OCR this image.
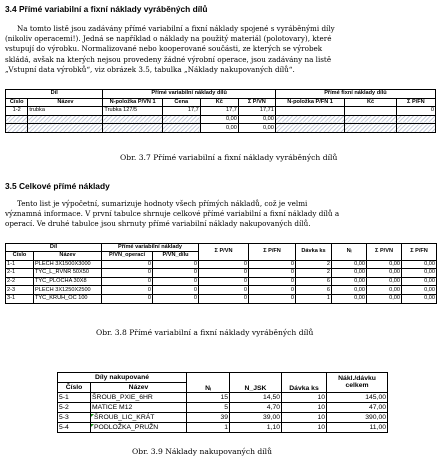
3.4 Přímé variabilní a fixní náklady vyráběných dílů
Na tomto listě jsou zadávány přímé variabilní a fixní náklady spojené s vyráběnými díly
(nikoliv operacemi!). Jedná se například o náklady na použitý materiál (polotovary), které
vstupují do výrobku. Normalizované nebo kooperované součásti, ze kterých se výrobek
skládá, avšak na kterých nejsou provedeny žádné výrobní operace, jsou zadávány na listě
„Vstupní data výrobků“, viz obrázek 3.5, tabulka „Náklady nakupovaných dílů“.
Díl		Přímé variabilní náklady dílů				Přímé fixní náklady dílů		
Číslo	Název	N-položka P/VN 1	Cena	Kč	Σ P/VN	N-položka P/FN 1	Kč	Σ P/FN
1-2	trubka	Trubka 127/5	17,7	17,7	17,71			0
				0,00	0,00			
				0,00	0,00			
Obr. 3.7 Přímé variabilní a fixní náklady vyráběných dílů
3.5 Celkové přímé náklady
Tento list je výpočetní, sumarizuje hodnoty všech přímých nákladů, což je velmi
významná informace. V první tabulce shrnuje celkové přímé variabilní a fixní náklady dílů a
operací. Ve druhé tabulce jsou shrnuty přímé variabilní náklady nakupovaných dílů.
Díl		Přímé variabilní náklady		Σ P/VN	Σ P/FN	Dávka ks	Nᵢ	Σ P/VN	Σ P/FN
Číslo	Název	P/VN_operací	P/VN_dílu						
1-1	PLECH 3X1500X3000	0	0	0	0	2	0,00	0,00	0,00
2-1	TYČ_L_RVNR 50X50	0	0	0	0	2	0,00	0,00	0,00
2-2	TYČ_PLOCHA 30X8	0	0	0	0	6	0,00	0,00	0,00
2-3	PLECH 3X1250X2500	0	0	0	0	6	0,00	0,00	0,00
3-1	TYČ_KRUH_OC 100	0	0	0	0	1	0,00	0,00	0,00
Obr. 3.8 Přímé variabilní a fixní náklady vyráběných dílů
Díly nakupované		Nᵢ	N_JSK	Dávka ks	Nákl./dávku celkem
Číslo	Název				
5-1	ŠROUB_PXIE_6HR	15	14,50	10	145,00
5-2	MATICE M12	5	4,70	10	47,00
5-3	ŠROUB_LIC_KRÁT	39	39,00	10	390,00
5-4	PODLOŽKA_PRUŽN	1	1,10	10	11,00
Obr. 3.9 Náklady nakupovaných dílů
